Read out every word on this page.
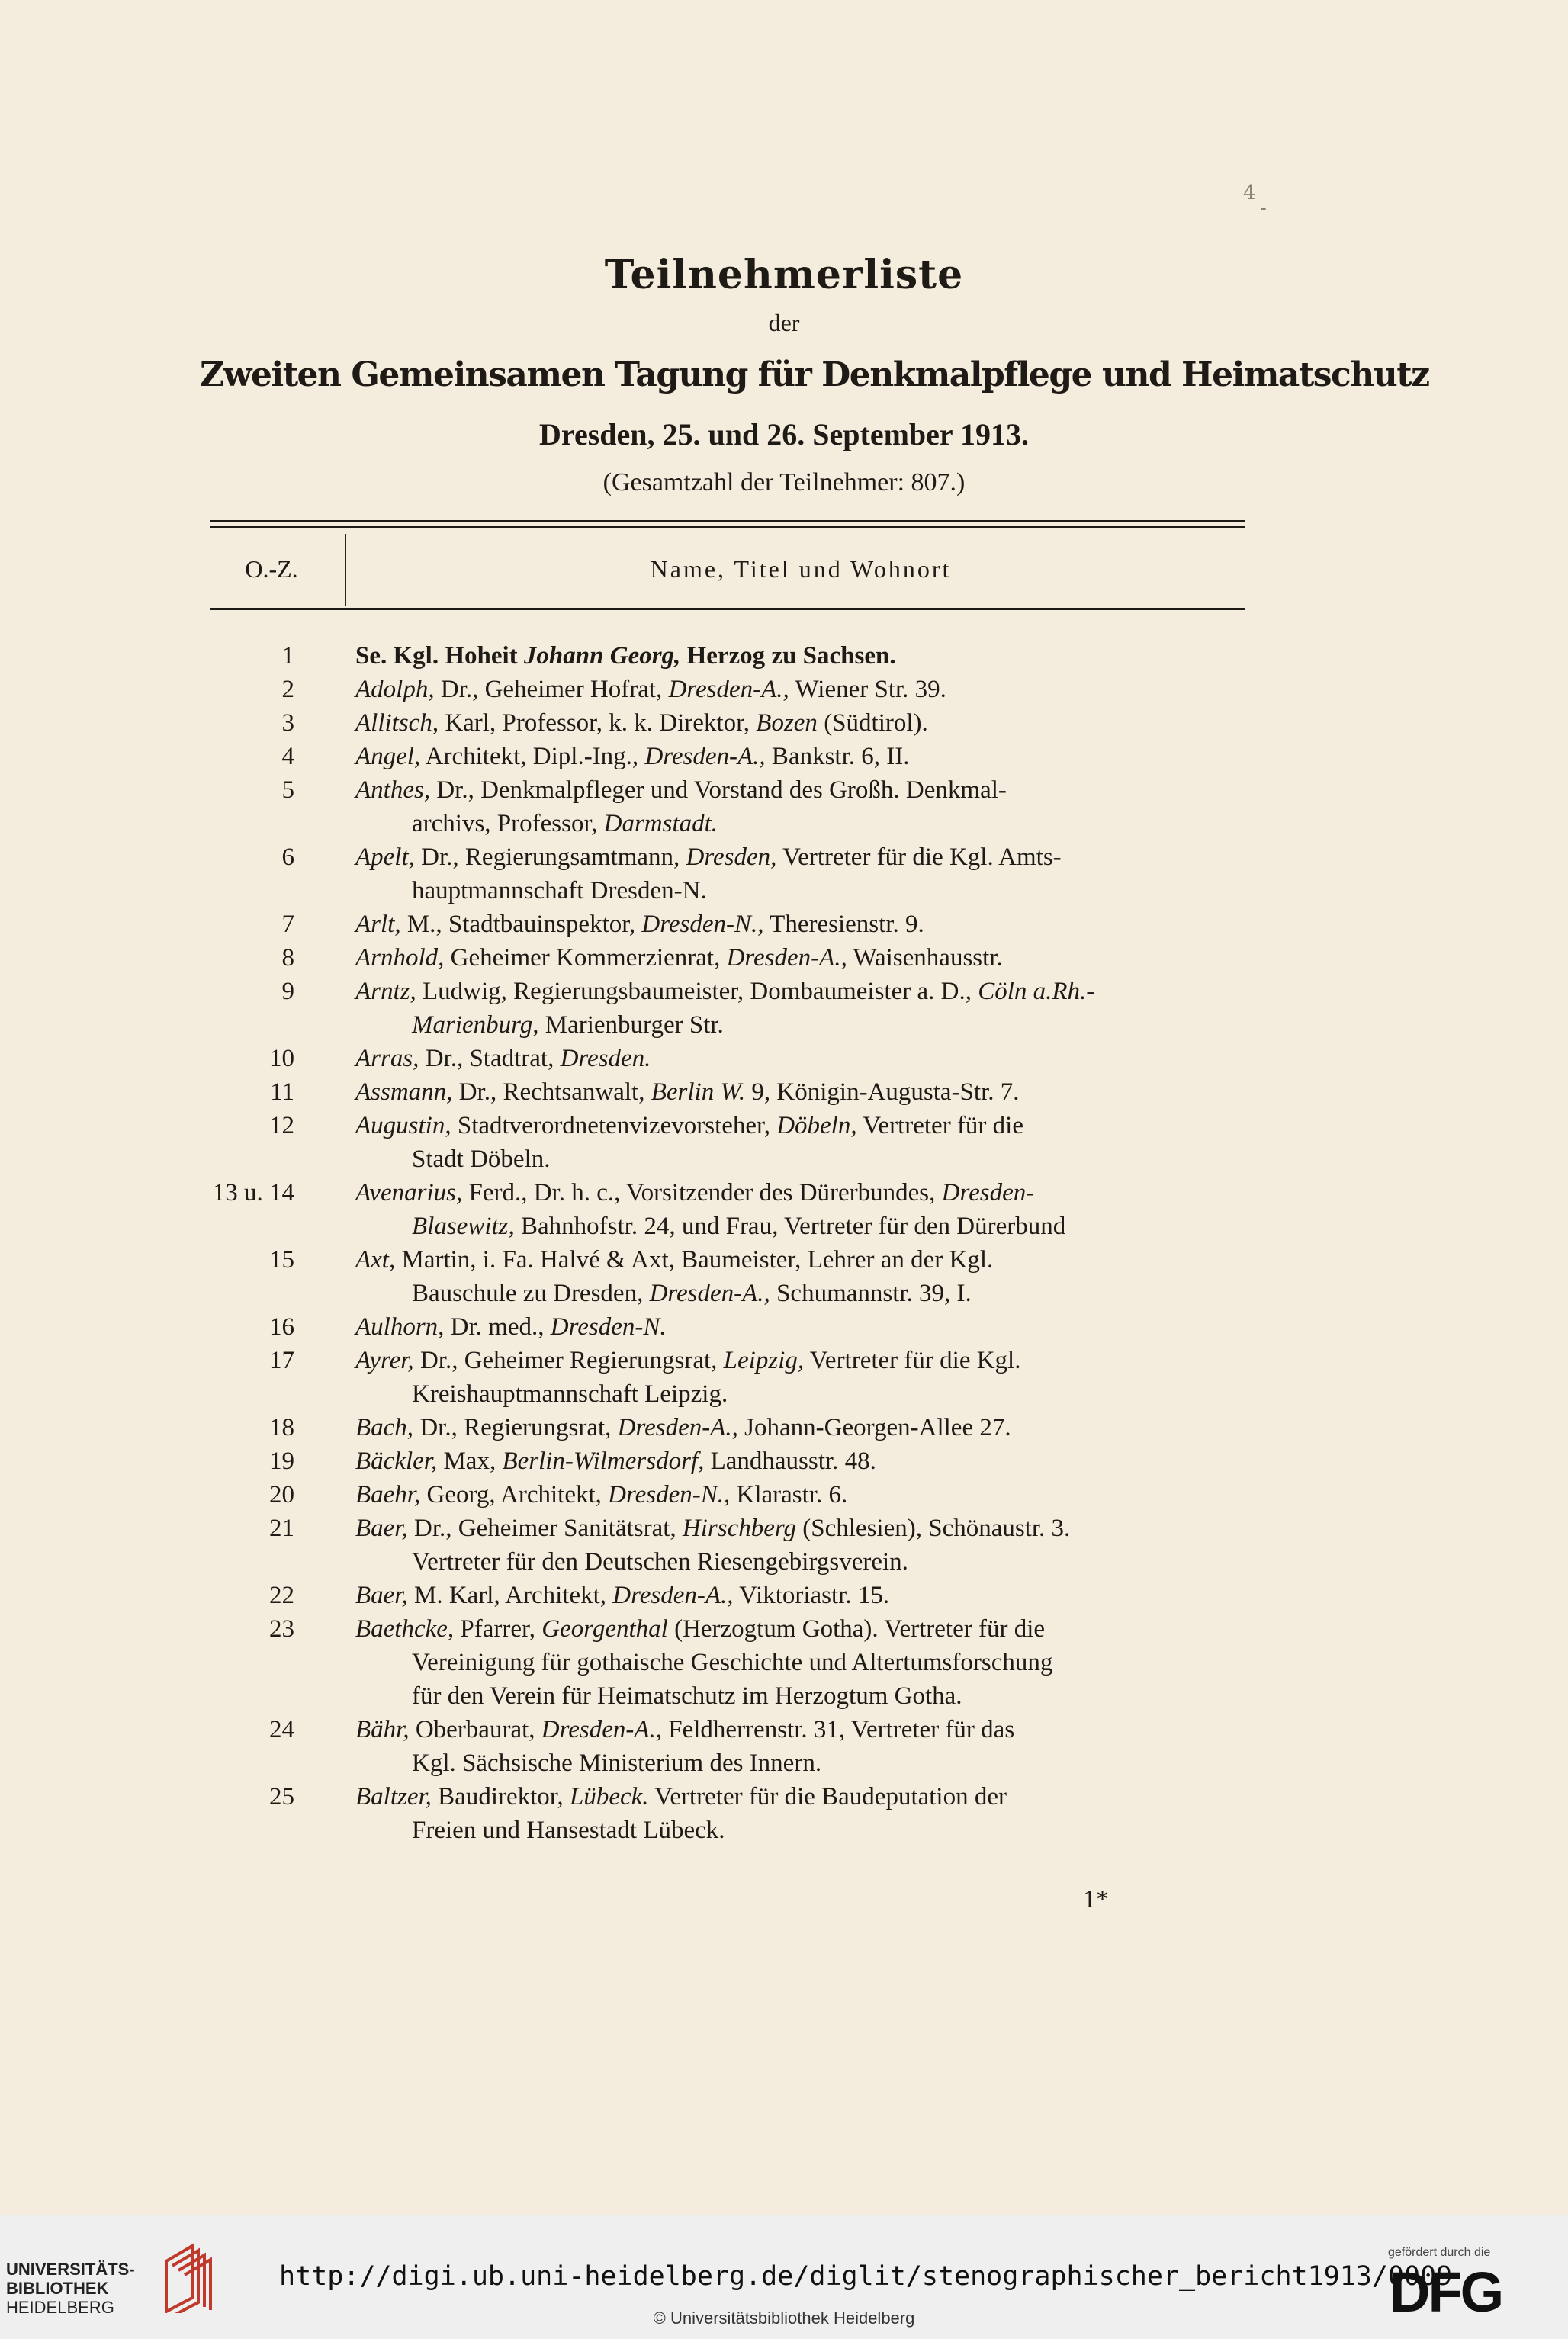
4
-
Teilnehmerliste
der
Zweiten Gemeinsamen Tagung für Denkmalpflege und Heimatschutz
Dresden, 25. und 26. September 1913.
(Gesamtzahl der Teilnehmer: 807.)
O.-Z.	Name, Titel und Wohnort
1	Se. Kgl. Hoheit Johann Georg, Herzog zu Sachsen.
2	Adolph, Dr., Geheimer Hofrat, Dresden-A., Wiener Str. 39.
3	Allitsch, Karl, Professor, k. k. Direktor, Bozen (Südtirol).
4	Angel, Architekt, Dipl.-Ing., Dresden-A., Bankstr. 6, II.
5	Anthes, Dr., Denkmalpfleger und Vorstand des Großh. Denkmal-
archivs, Professor, Darmstadt.
6	Apelt, Dr., Regierungsamtmann, Dresden, Vertreter für die Kgl. Amts-
hauptmannschaft Dresden-N.
7	Arlt, M., Stadtbauinspektor, Dresden-N., Theresienstr. 9.
8	Arnhold, Geheimer Kommerzienrat, Dresden-A., Waisenhausstr.
9	Arntz, Ludwig, Regierungsbaumeister, Dombaumeister a. D., Cöln a.Rh.-
Marienburg, Marienburger Str.
10	Arras, Dr., Stadtrat, Dresden.
11	Assmann, Dr., Rechtsanwalt, Berlin W. 9, Königin-Augusta-Str. 7.
12	Augustin, Stadtverordnetenvizevorsteher, Döbeln, Vertreter für die
Stadt Döbeln.
13 u. 14	Avenarius, Ferd., Dr. h. c., Vorsitzender des Dürerbundes, Dresden-
Blasewitz, Bahnhofstr. 24, und Frau, Vertreter für den Dürerbund
15	Axt, Martin, i. Fa. Halvé & Axt, Baumeister, Lehrer an der Kgl.
Bauschule zu Dresden, Dresden-A., Schumannstr. 39, I.
16	Aulhorn, Dr. med., Dresden-N.
17	Ayrer, Dr., Geheimer Regierungsrat, Leipzig, Vertreter für die Kgl.
Kreishauptmannschaft Leipzig.
18	Bach, Dr., Regierungsrat, Dresden-A., Johann-Georgen-Allee 27.
19	Bäckler, Max, Berlin-Wilmersdorf, Landhausstr. 48.
20	Baehr, Georg, Architekt, Dresden-N., Klarastr. 6.
21	Baer, Dr., Geheimer Sanitätsrat, Hirschberg (Schlesien), Schönaustr. 3.
Vertreter für den Deutschen Riesengebirgsverein.
22	Baer, M. Karl, Architekt, Dresden-A., Viktoriastr. 15.
23	Baethcke, Pfarrer, Georgenthal (Herzogtum Gotha). Vertreter für die
Vereinigung für gothaische Geschichte und Altertumsforschung
für den Verein für Heimatschutz im Herzogtum Gotha.
24	Bähr, Oberbaurat, Dresden-A., Feldherrenstr. 31, Vertreter für das
Kgl. Sächsische Ministerium des Innern.
25	Baltzer, Baudirektor, Lübeck. Vertreter für die Baudeputation der
Freien und Hansestadt Lübeck.
1*
UNIVERSITÄTS-
BIBLIOTHEK
HEIDELBERG
http://digi.ub.uni-heidelberg.de/diglit/stenographischer_bericht1913/0009
© Universitätsbibliothek Heidelberg
gefördert durch die
DFG
